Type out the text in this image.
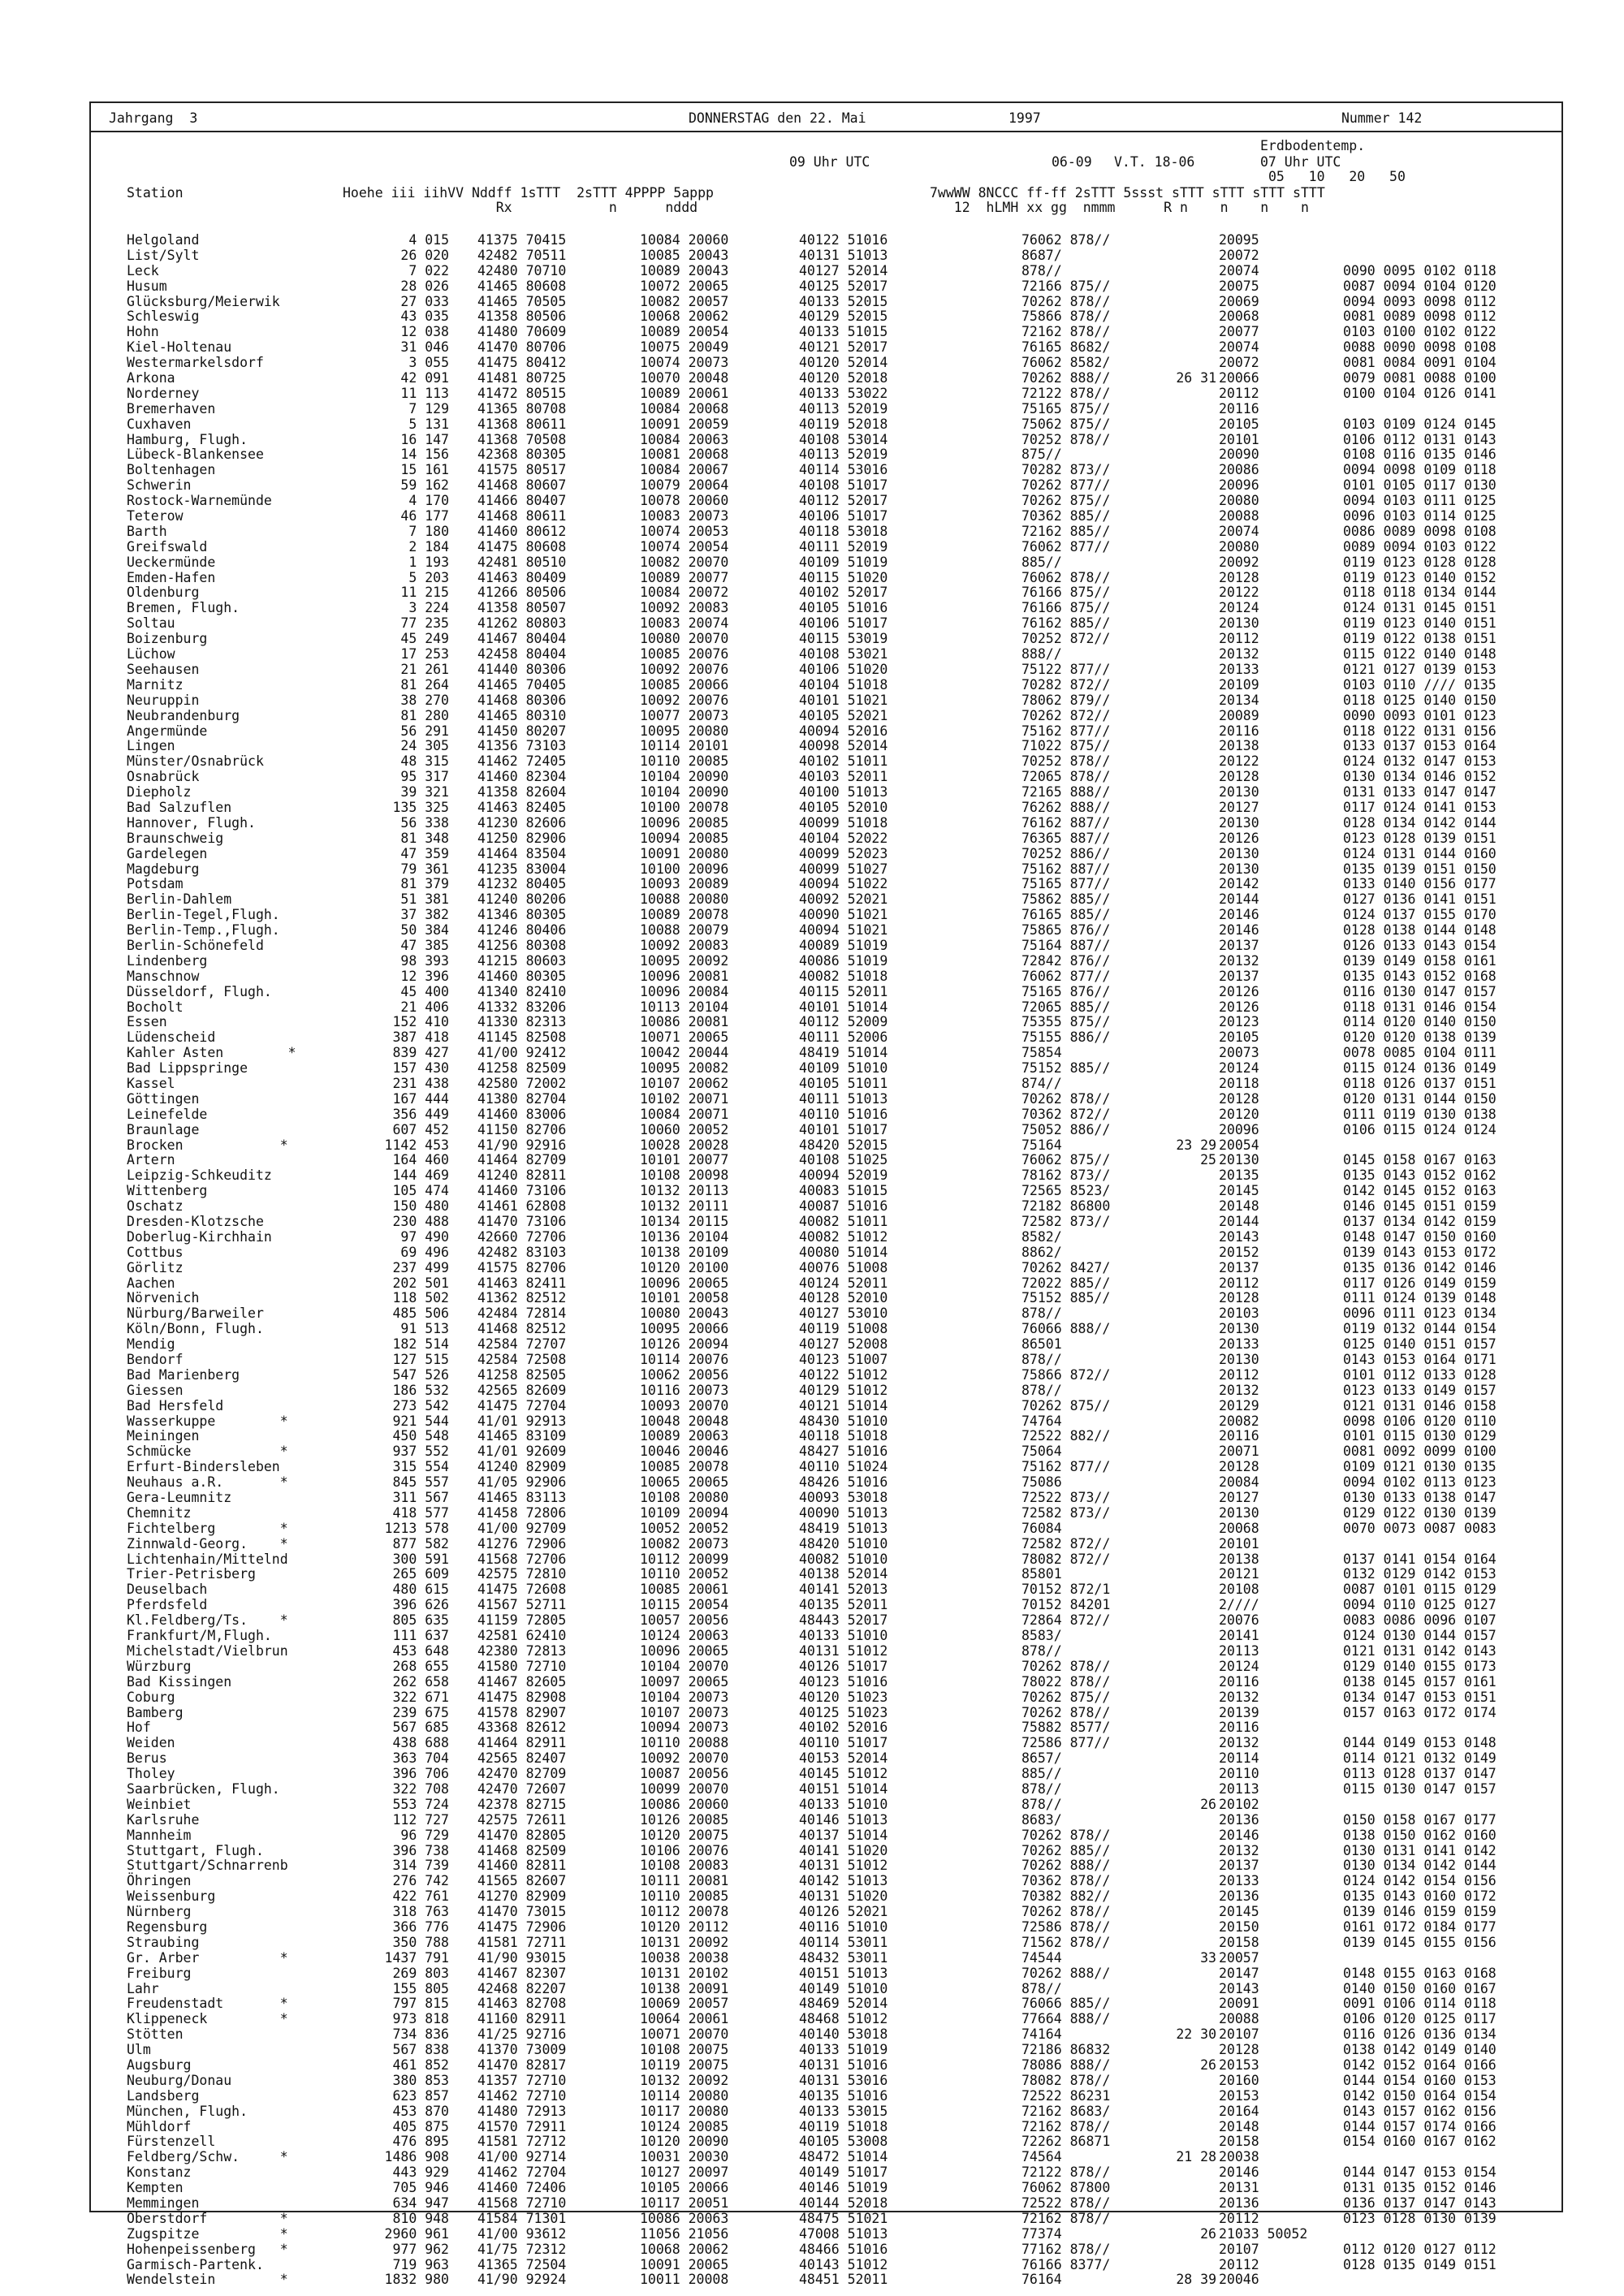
Jahrgang  3	DONNERSTAG den 22. Mai	1997	Nummer 142
Erdbodentemp.
09 Uhr UTC	06-09 V.T. 18-06	07 Uhr UTC
05   10   20   50
Station	Hoehe iii iihVV Nddff 1sTTT  2sTTT 4PPPP 5appp
Rx            n      nddd
7wwWW 8NCCC ff-ff 2sTTT 5ssst sTTT sTTT sTTT sTTT
12  hLMH xx gg  nmmm      R n    n    n    n
Helgoland	4 015 41375 70415	10084 20060	40122 51016	76062 878//	20095
List/Sylt	26 020 42482 70511	10085 20043	40131 51013	8687/	20072
Leck	7 022 42480 70710	10089 20043	40127 52014	878//	20074	0090 0095 0102 0118
Husum	28 026 41465 80608	10072 20065	40125 52017	72166 875//	20075	0087 0094 0104 0120
Glücksburg/Meierwik	27 033 41465 70505	10082 20057	40133 52015	70262 878//	20069	0094 0093 0098 0112
Schleswig	43 035 41358 80506	10068 20062	40129 52015	75866 878//	20068	0081 0089 0098 0112
Hohn	12 038 41480 70609	10089 20054	40133 51015	72162 878//	20077	0103 0100 0102 0122
Kiel-Holtenau	31 046 41470 80706	10075 20049	40121 52017	76165 8682/	20074	0088 0090 0098 0108
Westermarkelsdorf	3 055 41475 80412	10074 20073	40120 52014	76062 8582/	20072	0081 0084 0091 0104
Arkona	42 091 41481 80725	10070 20048	40120 52018	70262 888//	26 31 20066	0079 0081 0088 0100
Norderney	11 113 41472 80515	10089 20061	40133 53022	72122 878//	20112	0100 0104 0126 0141
Bremerhaven	7 129 41365 80708	10084 20068	40113 52019	75165 875//	20116
Cuxhaven	5 131 41368 80611	10091 20059	40119 52018	75062 875//	20105	0103 0109 0124 0145
Hamburg, Flugh.	16 147 41368 70508	10084 20063	40108 53014	70252 878//	20101	0106 0112 0131 0143
Lübeck-Blankensee	14 156 42368 80305	10081 20068	40113 52019	875//	20090	0108 0116 0135 0146
Boltenhagen	15 161 41575 80517	10084 20067	40114 53016	70282 873//	20086	0094 0098 0109 0118
Schwerin	59 162 41468 80607	10079 20064	40108 51017	70262 877//	20096	0101 0105 0117 0130
Rostock-Warnemünde	4 170 41466 80407	10078 20060	40112 52017	70262 875//	20080	0094 0103 0111 0125
Teterow	46 177 41468 80611	10083 20073	40106 51017	70362 885//	20088	0096 0103 0114 0125
Barth	7 180 41460 80612	10074 20053	40118 53018	72162 885//	20074	0086 0089 0098 0108
Greifswald	2 184 41475 80608	10074 20054	40111 52019	76062 877//	20080	0089 0094 0103 0122
Ueckermünde	1 193 42481 80510	10082 20070	40109 51019	885//	20092	0119 0123 0128 0128
Emden-Hafen	5 203 41463 80409	10089 20077	40115 51020	76062 878//	20128	0119 0123 0140 0152
Oldenburg	11 215 41266 80506	10084 20072	40102 52017	76166 875//	20122	0118 0118 0134 0144
Bremen, Flugh.	3 224 41358 80507	10092 20083	40105 51016	76166 875//	20124	0124 0131 0145 0151
Soltau	77 235 41262 80803	10083 20074	40106 51017	76162 885//	20130	0119 0123 0140 0151
Boizenburg	45 249 41467 80404	10080 20070	40115 53019	70252 872//	20112	0119 0122 0138 0151
Lüchow	17 253 42458 80404	10085 20076	40108 53021	888//	20132	0115 0122 0140 0148
Seehausen	21 261 41440 80306	10092 20076	40106 51020	75122 877//	20133	0121 0127 0139 0153
Marnitz	81 264 41465 70405	10085 20066	40104 51018	70282 872//	20109	0103 0110 //// 0135
Neuruppin	38 270 41468 80306	10092 20076	40101 51021	78062 879//	20134	0118 0125 0140 0150
Neubrandenburg	81 280 41465 80310	10077 20073	40105 52021	70262 872//	20089	0090 0093 0101 0123
Angermünde	56 291 41450 80207	10095 20080	40094 52016	75162 877//	20116	0118 0122 0131 0156
Lingen	24 305 41356 73103	10114 20101	40098 52014	71022 875//	20138	0133 0137 0153 0164
Münster/Osnabrück	48 315 41462 72405	10110 20085	40102 51011	70252 878//	20122	0124 0132 0147 0153
Osnabrück	95 317 41460 82304	10104 20090	40103 52011	72065 878//	20128	0130 0134 0146 0152
Diepholz	39 321 41358 82604	10104 20090	40100 51013	72165 888//	20130	0131 0133 0147 0147
Bad Salzuflen	135 325 41463 82405	10100 20078	40105 52010	76262 888//	20127	0117 0124 0141 0153
Hannover, Flugh.	56 338 41230 82606	10096 20085	40099 51018	76162 887//	20130	0128 0134 0142 0144
Braunschweig	81 348 41250 82906	10094 20085	40104 52022	76365 887//	20126	0123 0128 0139 0151
Gardelegen	47 359 41464 83504	10091 20080	40099 52023	70252 886//	20130	0124 0131 0144 0160
Magdeburg	79 361 41235 83004	10100 20096	40099 51027	75162 887//	20130	0135 0139 0151 0150
Potsdam	81 379 41232 80405	10093 20089	40094 51022	75165 877//	20142	0133 0140 0156 0177
Berlin-Dahlem	51 381 41240 80206	10088 20080	40092 52021	75862 885//	20144	0127 0136 0141 0151
Berlin-Tegel,Flugh.	37 382 41346 80305	10089 20078	40090 51021	76165 885//	20146	0124 0137 0155 0170
Berlin-Temp.,Flugh.	50 384 41246 80406	10088 20079	40094 51021	75865 876//	20146	0128 0138 0144 0148
Berlin-Schönefeld	47 385 41256 80308	10092 20083	40089 51019	75164 887//	20137	0126 0133 0143 0154
Lindenberg	98 393 41215 80603	10095 20092	40086 51019	72842 876//	20132	0139 0149 0158 0161
Manschnow	12 396 41460 80305	10096 20081	40082 51018	76062 877//	20137	0135 0143 0152 0168
Düsseldorf, Flugh.	45 400 41340 82410	10096 20084	40115 52011	75165 876//	20126	0116 0130 0147 0157
Bocholt	21 406 41332 83206	10113 20104	40101 51014	72065 885//	20126	0118 0131 0146 0154
Essen	152 410 41330 82313	10086 20081	40112 52009	75355 875//	20123	0114 0120 0140 0150
Lüdenscheid	387 418 41145 82508	10071 20065	40111 52006	75155 886//	20105	0120 0120 0138 0139
Kahler Asten        *	839 427 41/00 92412	10042 20044	48419 51014	75854	20073	0078 0085 0104 0111
Bad Lippspringe	157 430 41258 82509	10095 20082	40109 51010	75152 885//	20124	0115 0124 0136 0149
Kassel	231 438 42580 72002	10107 20062	40105 51011	874//	20118	0118 0126 0137 0151
Göttingen	167 444 41380 82704	10102 20071	40111 51013	70262 878//	20128	0120 0131 0144 0150
Leinefelde	356 449 41460 83006	10084 20071	40110 51016	70362 872//	20120	0111 0119 0130 0138
Braunlage	607 452 41150 82706	10060 20052	40101 51017	75052 886//	20096	0106 0115 0124 0124
Brocken            *	1142 453 41/90 92916	10028 20028	48420 52015	75164	23 29 20054
Artern	164 460 41464 82709	10101 20077	40108 51025	76062 875//	25 20130	0145 0158 0167 0163
Leipzig-Schkeuditz	144 469 41240 82811	10108 20098	40094 52019	78162 873//	20135	0135 0143 0152 0162
Wittenberg	105 474 41460 73106	10132 20113	40083 51015	72565 8523/	20145	0142 0145 0152 0163
Oschatz	150 480 41461 62808	10132 20111	40087 51016	72182 86800	20148	0146 0145 0151 0159
Dresden-Klotzsche	230 488 41470 73106	10134 20115	40082 51011	72582 873//	20144	0137 0134 0142 0159
Doberlug-Kirchhain	97 490 42660 72706	10136 20104	40082 51012	8582/	20143	0148 0147 0150 0160
Cottbus	69 496 42482 83103	10138 20109	40080 51014	8862/	20152	0139 0143 0153 0172
Görlitz	237 499 41575 82706	10120 20100	40076 51008	70262 8427/	20137	0135 0136 0142 0146
Aachen	202 501 41463 82411	10096 20065	40124 52011	72022 885//	20112	0117 0126 0149 0159
Nörvenich	118 502 41362 82512	10101 20058	40128 52010	75152 885//	20128	0111 0124 0139 0148
Nürburg/Barweiler	485 506 42484 72814	10080 20043	40127 53010	878//	20103	0096 0111 0123 0134
Köln/Bonn, Flugh.	91 513 41468 82512	10095 20066	40119 51008	76066 888//	20130	0119 0132 0144 0154
Mendig	182 514 42584 72707	10126 20094	40127 52008	86501	20133	0125 0140 0151 0157
Bendorf	127 515 42584 72508	10114 20076	40123 51007	878//	20130	0143 0153 0164 0171
Bad Marienberg	547 526 41258 82505	10062 20056	40122 51012	75866 872//	20112	0101 0112 0133 0128
Giessen	186 532 42565 82609	10116 20073	40129 51012	878//	20132	0123 0133 0149 0157
Bad Hersfeld	273 542 41475 72704	10093 20070	40121 51014	70262 875//	20129	0121 0131 0146 0158
Wasserkuppe        *	921 544 41/01 92913	10048 20048	48430 51010	74764	20082	0098 0106 0120 0110
Meiningen	450 548 41465 83109	10089 20063	40118 51018	72522 882//	20116	0101 0115 0130 0129
Schmücke           *	937 552 41/01 92609	10046 20046	48427 51016	75064	20071	0081 0092 0099 0100
Erfurt-Bindersleben	315 554 41240 82909	10085 20078	40110 51024	75162 877//	20128	0109 0121 0130 0135
Neuhaus a.R.       *	845 557 41/05 92906	10065 20065	48426 51016	75086	20084	0094 0102 0113 0123
Gera-Leumnitz	311 567 41465 83113	10108 20080	40093 53018	72522 873//	20127	0130 0133 0138 0147
Chemnitz	418 577 41458 72806	10109 20094	40090 51013	72582 873//	20130	0129 0122 0130 0139
Fichtelberg        *	1213 578 41/00 92709	10052 20052	48419 51013	76084	20068	0070 0073 0087 0083
Zinnwald-Georg.    *	877 582 41276 72906	10082 20073	48420 51010	72582 872//	20101
Lichtenhain/Mittelnd	300 591 41568 72706	10112 20099	40082 51010	78082 872//	20138	0137 0141 0154 0164
Trier-Petrisberg	265 609 42575 72810	10110 20052	40138 52014	85801	20121	0132 0129 0142 0153
Deuselbach	480 615 41475 72608	10085 20061	40141 52013	70152 872/1	20108	0087 0101 0115 0129
Pferdsfeld	396 626 41567 52711	10115 20054	40135 52011	70152 84201	2////	0094 0110 0125 0127
Kl.Feldberg/Ts.    *	805 635 41159 72805	10057 20056	48443 52017	72864 872//	20076	0083 0086 0096 0107
Frankfurt/M,Flugh.	111 637 42581 62410	10124 20063	40133 51010	8583/	20141	0124 0130 0144 0157
Michelstadt/Vielbrun	453 648 42380 72813	10096 20065	40131 51012	878//	20113	0121 0131 0142 0143
Würzburg	268 655 41580 72710	10104 20070	40126 51017	70262 878//	20124	0129 0140 0155 0173
Bad Kissingen	262 658 41467 82605	10097 20065	40123 51016	78022 878//	20116	0138 0145 0157 0161
Coburg	322 671 41475 82908	10104 20073	40120 51023	70262 875//	20132	0134 0147 0153 0151
Bamberg	239 675 41578 82907	10107 20073	40125 51023	70262 878//	20139	0157 0163 0172 0174
Hof	567 685 43368 82612	10094 20073	40102 52016	75882 8577/	20116
Weiden	438 688 41464 82911	10110 20088	40110 51017	72586 877//	20132	0144 0149 0153 0148
Berus	363 704 42565 82407	10092 20070	40153 52014	8657/	20114	0114 0121 0132 0149
Tholey	396 706 42470 82709	10087 20056	40145 51012	885//	20110	0113 0128 0137 0147
Saarbrücken, Flugh.	322 708 42470 72607	10099 20070	40151 51014	878//	20113	0115 0130 0147 0157
Weinbiet	553 724 42378 82715	10086 20060	40133 51010	878//	26 20102
Karlsruhe	112 727 42575 72611	10126 20085	40146 51013	8683/	20136	0150 0158 0167 0177
Mannheim	96 729 41470 82805	10120 20075	40137 51014	70262 878//	20146	0138 0150 0162 0160
Stuttgart, Flugh.	396 738 41468 82509	10106 20076	40141 51020	70262 885//	20132	0130 0131 0141 0142
Stuttgart/Schnarrenb	314 739 41460 82811	10108 20083	40131 51012	70262 888//	20137	0130 0134 0142 0144
Öhringen	276 742 41565 82607	10111 20081	40142 51013	70362 878//	20133	0124 0142 0154 0156
Weissenburg	422 761 41270 82909	10110 20085	40131 51020	70382 882//	20136	0135 0143 0160 0172
Nürnberg	318 763 41470 73015	10112 20078	40126 52021	70262 878//	20145	0139 0146 0159 0159
Regensburg	366 776 41475 72906	10120 20112	40116 51010	72586 878//	20150	0161 0172 0184 0177
Straubing	350 788 41581 72711	10131 20092	40114 53011	71562 878//	20158	0139 0145 0155 0156
Gr. Arber          *	1437 791 41/90 93015	10038 20038	48432 53011	74544	33 20057
Freiburg	269 803 41467 82307	10131 20102	40151 51013	70262 888//	20147	0148 0155 0163 0168
Lahr	155 805 42468 82207	10138 20091	40149 51010	878//	20143	0140 0150 0160 0167
Freudenstadt       *	797 815 41463 82708	10069 20057	48469 52014	76066 885//	20091	0091 0106 0114 0118
Klippeneck         *	973 818 41160 82911	10064 20061	48468 51012	77664 888//	20088	0106 0120 0125 0117
Stötten	734 836 41/25 92716	10071 20070	40140 53018	74164	22 30 20107	0116 0126 0136 0134
Ulm	567 838 41370 73009	10108 20075	40133 51019	72186 86832	20128	0138 0142 0149 0140
Augsburg	461 852 41470 82817	10119 20075	40131 51016	78086 888//	26 20153	0142 0152 0164 0166
Neuburg/Donau	380 853 41357 72710	10132 20092	40131 53016	78082 878//	20160	0144 0154 0160 0153
Landsberg	623 857 41462 72710	10114 20080	40135 51016	72522 86231	20153	0142 0150 0164 0154
München, Flugh.	453 870 41480 72913	10117 20080	40133 53015	72162 8683/	20164	0143 0157 0162 0156
Mühldorf	405 875 41570 72911	10124 20085	40119 51018	72162 878//	20148	0144 0157 0174 0166
Fürstenzell	476 895 41581 72712	10120 20090	40105 53008	72262 86871	20158	0154 0160 0167 0162
Feldberg/Schw.     *	1486 908 41/00 92714	10031 20030	48472 51014	74564	21 28 20038
Konstanz	443 929 41462 72704	10127 20097	40149 51017	72122 878//	20146	0144 0147 0153 0154
Kempten	705 946 41460 72406	10105 20066	40146 51019	76062 87800	20131	0131 0135 0152 0146
Memmingen	634 947 41568 72710	10117 20051	40144 52018	72522 878//	20136	0136 0137 0147 0143
Oberstdorf         *	810 948 41584 71301	10086 20063	48475 51021	72162 878//	20112	0123 0128 0130 0139
Zugspitze          *	2960 961 41/00 93612	11056 21056	47008 51013	77374	26 21033 50052
Hohenpeissenberg   *	977 962 41/75 72312	10068 20062	48466 51016	77162 878//	20107	0112 0120 0127 0112
Garmisch-Partenk.	719 963 41365 72504	10091 20065	40143 51012	76166 8377/	20112	0128 0135 0149 0151
Wendelstein        *	1832 980 41/90 92924	10011 20008	48451 52011	76164	28 39 20046
